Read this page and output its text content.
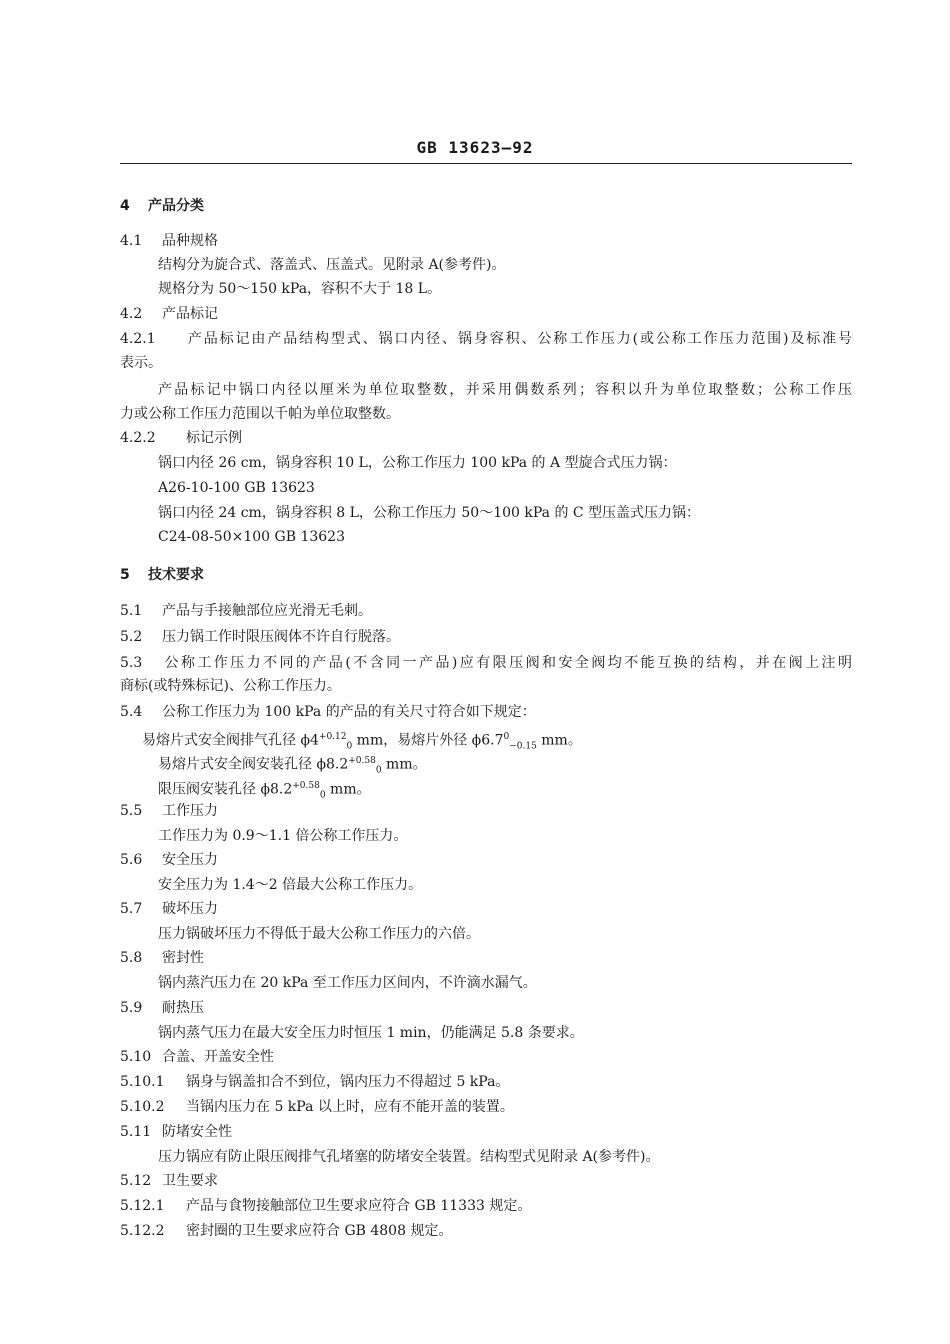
GB 13623—92
4 产品分类
4.1 品种规格
结构分为旋合式、落盖式、压盖式。见附录 A(参考件)。
规格分为 50～150 kPa，容积不大于 18 L。
4.2 产品标记
4.2.1 产品标记由产品结构型式、锅口内径、锅身容积、公称工作压力(或公称工作压力范围)及标准号
表示。
产品标记中锅口内径以厘米为单位取整数，并采用偶数系列；容积以升为单位取整数；公称工作压
力或公称工作压力范围以千帕为单位取整数。
4.2.2 标记示例
锅口内径 26 cm，锅身容积 10 L，公称工作压力 100 kPa 的 A 型旋合式压力锅：
A26-10-100 GB 13623
锅口内径 24 cm，锅身容积 8 L，公称工作压力 50～100 kPa 的 C 型压盖式压力锅：
C24-08-50×100 GB 13623
5 技术要求
5.1 产品与手接触部位应光滑无毛刺。
5.2 压力锅工作时限压阀体不许自行脱落。
5.3 公称工作压力不同的产品(不含同一产品)应有限压阀和安全阀均不能互换的结构，并在阀上注明
商标(或特殊标记)、公称工作压力。
5.4 公称工作压力为 100 kPa 的产品的有关尺寸符合如下规定：
易熔片式安全阀排气孔径 $\phi 4^{+0.12}_0$ mm，易熔片外径 $\phi 6.7^0_{-0.15}$ mm。
易熔片式安全阀安装孔径 $\phi 8.2^{+0.58}_0$ mm。
限压阀安装孔径 $\phi 8.2^{+0.58}_0$ mm。
5.5 工作压力
工作压力为 0.9～1.1 倍公称工作压力。
5.6 安全压力
安全压力为 1.4～2 倍最大公称工作压力。
5.7 破坏压力
压力锅破坏压力不得低于最大公称工作压力的六倍。
5.8 密封性
锅内蒸汽压力在 20 kPa 至工作压力区间内，不许滴水漏气。
5.9 耐热压
锅内蒸气压力在最大安全压力时恒压 1 min，仍能满足 5.8 条要求。
5.10 合盖、开盖安全性
5.10.1 锅身与锅盖扣合不到位，锅内压力不得超过 5 kPa。
5.10.2 当锅内压力在 5 kPa 以上时，应有不能开盖的装置。
5.11 防堵安全性
压力锅应有防止限压阀排气孔堵塞的防堵安全装置。结构型式见附录 A(参考件)。
5.12 卫生要求
5.12.1 产品与食物接触部位卫生要求应符合 GB 11333 规定。
5.12.2 密封圈的卫生要求应符合 GB 4808 规定。
